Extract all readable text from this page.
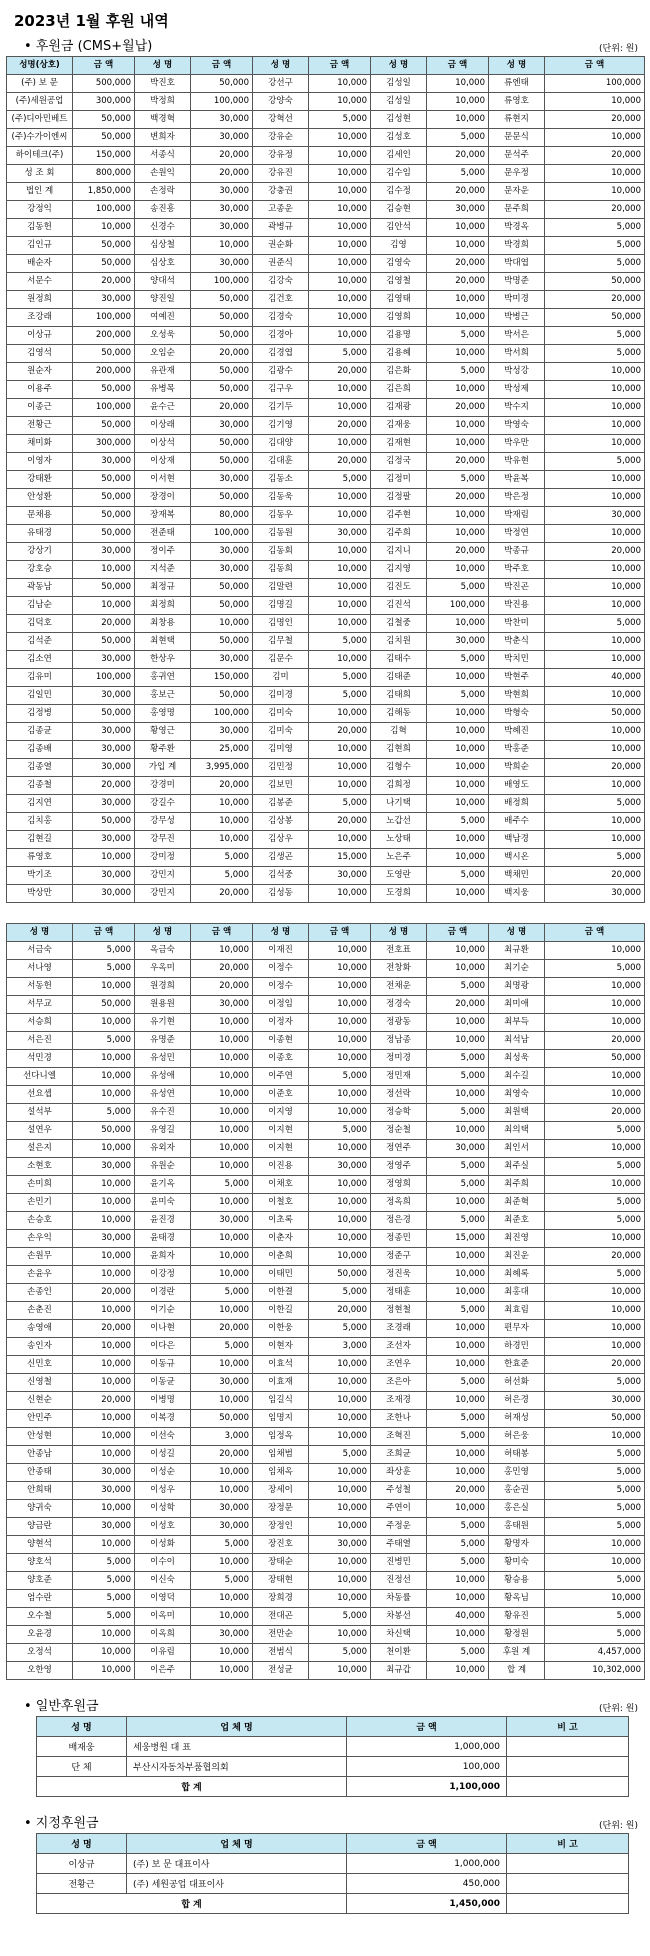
2023년 1월 후원 내역
• 후원금 (CMS+월납)	(단위: 원)
성명(상호)	금 액	성 명	금 액	성 명	금 액	성 명	금 액	성 명	금 액
(주) 보 문	500,000	박진호	50,000	강선구	10,000	김성일	10,000	류엔태	100,000
(주)세원공업	300,000	박정희	100,000	강양숙	10,000	김성일	10,000	류영호	10,000
(주)디아민베트	50,000	백경혁	30,000	강혁선	5,000	김성현	10,000	류현지	20,000
(주)수가이엔씨	50,000	변희자	30,000	강유순	10,000	김성호	5,000	문문식	10,000
하이테크(주)	150,000	서종식	20,000	강유정	10,000	김세인	20,000	문석주	20,000
성 조 회	800,000	손원익	20,000	강유진	10,000	김수임	5,000	문우정	10,000
법인 계	1,850,000	손정락	30,000	강충권	10,000	김수정	20,000	문자운	10,000
강정익	100,000	송진흥	30,000	고종운	10,000	김승현	30,000	문주희	20,000
김동헌	10,000	신경수	30,000	곽병규	10,000	김안석	10,000	박경옥	5,000
김인규	50,000	심상철	10,000	권순화	10,000	김영	10,000	박경희	5,000
배순자	50,000	심상호	30,000	권준식	10,000	김영숙	20,000	박대엽	5,000
서문수	20,000	양대석	100,000	김강숙	10,000	김영철	20,000	박명준	50,000
원정희	30,000	양진일	50,000	김건호	10,000	김영태	10,000	박미경	20,000
조강래	100,000	여예진	50,000	김경숙	10,000	김영희	10,000	박병근	50,000
이상규	200,000	오성욱	50,000	김경아	10,000	김용명	5,000	박서은	5,000
김영석	50,000	오임순	20,000	김경엽	5,000	김용혜	10,000	박서희	5,000
원순자	200,000	유관재	50,000	김광수	20,000	김은화	5,000	박성강	10,000
이용주	50,000	유병목	50,000	김구우	10,000	김은희	10,000	박성제	10,000
이종근	100,000	윤수근	20,000	김기두	10,000	김재광	20,000	박수지	10,000
전황근	50,000	이상래	30,000	김기영	20,000	김재웅	10,000	박영숙	10,000
채미화	300,000	이상석	50,000	김대양	10,000	김재현	10,000	박우만	10,000
이영자	30,000	이상재	50,000	김대훈	20,000	김정국	20,000	박유현	5,000
강태환	50,000	이서현	30,000	김동소	5,000	김정미	5,000	박윤복	10,000
안성환	50,000	장경이	50,000	김동욱	10,000	김정팔	20,000	박은정	10,000
문채용	50,000	장재복	80,000	김동우	10,000	김주현	10,000	박재림	30,000
유태경	50,000	전준태	100,000	김동원	30,000	김주희	10,000	박정연	10,000
강상기	30,000	정이주	30,000	김동회	10,000	김지니	20,000	박종규	20,000
강호승	10,000	지석준	30,000	김동희	10,000	김지영	10,000	박주호	10,000
곽동남	50,000	최정규	50,000	김말련	10,000	김진도	5,000	박진곤	10,000
김남순	10,000	최정희	50,000	김명길	10,000	김진석	100,000	박진용	10,000
김덕호	20,000	최창용	10,000	김명인	10,000	김철중	10,000	박찬미	5,000
김석준	50,000	최현택	50,000	김무철	5,000	김치원	30,000	박춘식	10,000
김소연	30,000	한상우	30,000	김문수	10,000	김태수	5,000	박치민	10,000
김유미	100,000	홍귀연	150,000	김미	5,000	김태준	10,000	박현주	40,000
김일민	30,000	홍보근	50,000	김미경	5,000	김태희	5,000	박현희	10,000
김정병	50,000	홍영명	100,000	김미숙	10,000	김해동	10,000	박형숙	50,000
김종균	30,000	황영근	30,000	김미숙	20,000	김혁	10,000	박혜진	10,000
김종배	30,000	황주환	25,000	김미영	10,000	김현희	10,000	박홍준	10,000
김종열	30,000	가입 계	3,995,000	김민정	10,000	김형수	10,000	박희순	20,000
김종철	20,000	강경미	20,000	김보민	10,000	김희정	10,000	배영도	10,000
김지연	30,000	강길수	10,000	김봉준	5,000	나기택	10,000	배정희	5,000
김치홍	50,000	강무성	10,000	김상봉	20,000	노갑선	5,000	배주수	10,000
김현길	30,000	강무진	10,000	김상우	10,000	노상태	10,000	백남경	10,000
류영호	10,000	강미정	5,000	김생곤	15,000	노은주	10,000	백시온	5,000
박기조	30,000	강민지	5,000	김석중	30,000	도영란	5,000	백채민	20,000
박상만	30,000	강민지	20,000	김성동	10,000	도경희	10,000	백지웅	30,000
성 명	금 액	성 명	금 액	성 명	금 액	성 명	금 액	성 명	금 액
서금숙	5,000	옥금숙	10,000	이재진	10,000	전호표	10,000	최규환	10,000
서나영	5,000	우옥미	20,000	이정수	10,000	전창화	10,000	최기순	5,000
서동헌	10,000	원경희	20,000	이정수	10,000	전채운	5,000	최명광	10,000
서무교	50,000	원용원	30,000	이정임	10,000	정경숙	20,000	최미애	10,000
서승희	10,000	유기현	10,000	이정자	10,000	정광동	10,000	최부득	10,000
서은진	5,000	유명준	10,000	이종현	10,000	정남종	10,000	최석남	20,000
석민경	10,000	유성민	10,000	이종호	10,000	정미경	5,000	최성욱	50,000
선다니엘	10,000	유성애	10,000	이주연	5,000	정민재	5,000	최수길	10,000
선요셉	10,000	유성연	10,000	이준호	10,000	정선락	10,000	최영숙	10,000
설석부	5,000	유수진	10,000	이지영	10,000	정승학	5,000	최원택	20,000
설연우	50,000	유영길	10,000	이지현	5,000	정순철	10,000	최의택	5,000
설은지	10,000	유외자	10,000	이지현	10,000	정연주	30,000	최인서	10,000
소현호	30,000	유원순	10,000	이진용	30,000	정영주	5,000	최주실	5,000
손미희	10,000	윤기옥	5,000	이채호	10,000	정영희	5,000	최주희	10,000
손민기	10,000	윤미숙	10,000	이철호	10,000	정옥희	10,000	최준혁	5,000
손승호	10,000	윤진경	30,000	이초록	10,000	정은경	5,000	최준호	5,000
손우익	30,000	윤태경	10,000	이춘자	10,000	정종민	15,000	최진영	10,000
손원무	10,000	윤희자	10,000	이춘희	10,000	정준구	10,000	최진운	20,000
손윤우	10,000	이강정	10,000	이태민	50,000	정진욱	10,000	최혜록	5,000
손종인	20,000	이경란	5,000	이한결	5,000	정태훈	10,000	최홍대	10,000
손춘진	10,000	이기순	10,000	이한길	20,000	정현철	5,000	최효림	10,000
송영애	20,000	이나현	20,000	이한웅	5,000	조경래	10,000	편무자	10,000
송인자	10,000	이다은	5,000	이현자	3,000	조선자	10,000	하경민	10,000
신민호	10,000	이동규	10,000	이효석	10,000	조연우	10,000	한효준	20,000
신영철	10,000	이동균	30,000	이효재	10,000	조은아	5,000	허선화	5,000
신현순	20,000	이병명	10,000	임길식	10,000	조재경	10,000	허은경	30,000
안민주	10,000	이복경	50,000	임명지	10,000	조한나	5,000	허재성	50,000
안성현	10,000	이선숙	3,000	임정옥	10,000	조혁진	5,000	허은웅	10,000
안종남	10,000	이성길	20,000	임채범	5,000	조희균	10,000	허태봉	5,000
안종태	30,000	이성순	10,000	임채옥	10,000	좌상훈	10,000	홍민영	5,000
안희태	30,000	이성우	10,000	장세이	10,000	주성철	20,000	홍순권	5,000
양귀숙	10,000	이성학	30,000	장정문	10,000	주연이	10,000	홍은실	5,000
양금란	30,000	이성호	30,000	장정인	10,000	주정운	5,000	홍태원	5,000
양현석	10,000	이성화	5,000	장진호	30,000	주태열	5,000	황명자	10,000
양호석	5,000	이수이	10,000	장태순	10,000	진병민	5,000	황미숙	10,000
양호준	5,000	이신숙	5,000	장태현	10,000	진정선	10,000	황승용	5,000
엄수란	5,000	이영덕	10,000	장희경	10,000	차동률	10,000	황옥님	10,000
오수철	5,000	이옥미	10,000	전대곤	5,000	차봉선	40,000	황유진	5,000
오윤경	10,000	이옥희	30,000	전만순	10,000	차신택	10,000	황정원	5,000
오정석	10,000	이유림	10,000	전범식	5,000	천이환	5,000	후원 계	4,457,000
오한영	10,000	이은주	10,000	전성균	10,000	최규갑	10,000	합 계	10,302,000
• 일반후원금	(단위: 원)
성 명	업 체 명	금 액	비 고
배재웅	세웅병원 대 표	1,000,000	
단 체	부산시자동차부품협의회	100,000	
합 계		1,100,000	
• 지정후원금	(단위: 원)
성 명	업 체 명	금 액	비 고
이상규	(주) 보 문 대표이사	1,000,000	
전황근	(주) 세원공업 대표이사	450,000	
합 계		1,450,000	
